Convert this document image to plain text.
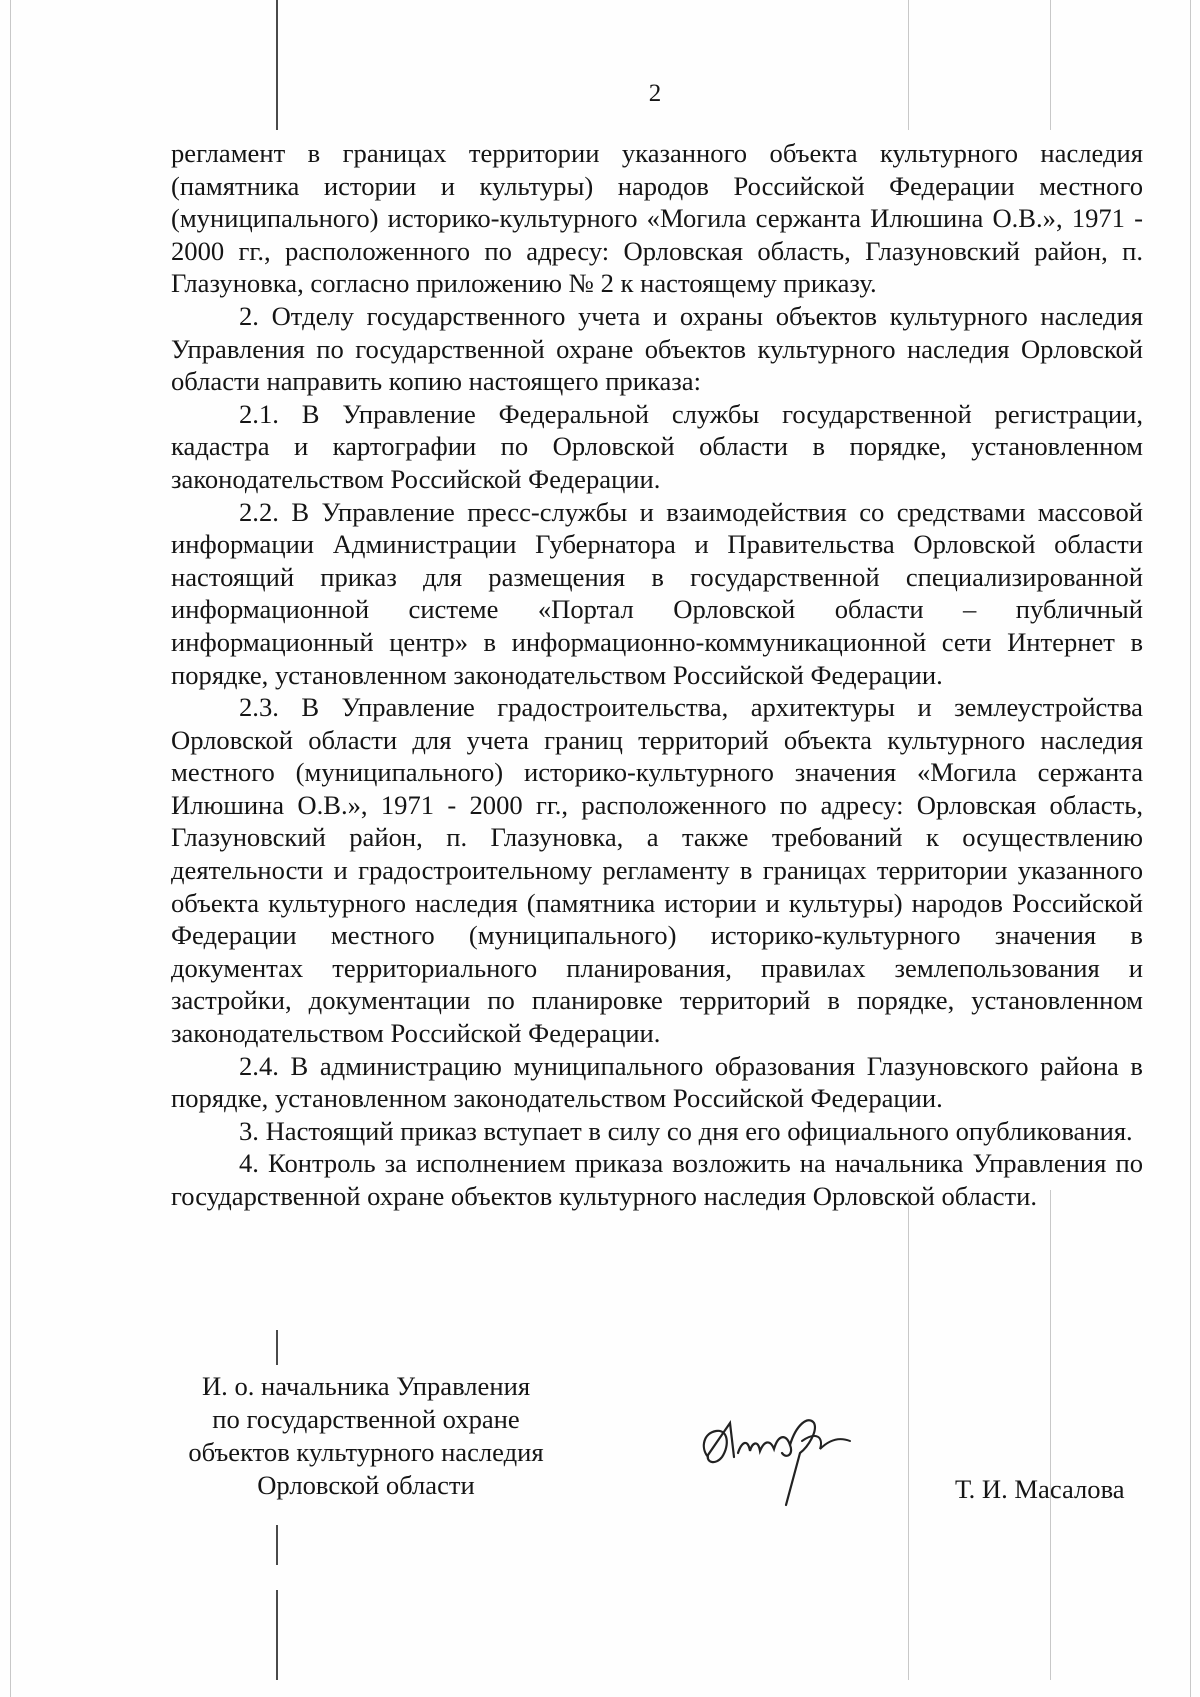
2

регламент в границах территории указанного объекта культурного наследия (памятника истории и культуры) народов Российской Федерации местного (муниципального) историко-культурного «Могила сержанта Илюшина О.В.», 1971 - 2000 гг., расположенного по адресу: Орловская область, Глазуновский район, п. Глазуновка, согласно приложению № 2 к настоящему приказу.

2. Отделу государственного учета и охраны объектов культурного наследия Управления по государственной охране объектов культурного наследия Орловской области направить копию настоящего приказа:

2.1. В Управление Федеральной службы государственной регистрации, кадастра и картографии по Орловской области в порядке, установленном законодательством Российской Федерации.

2.2. В Управление пресс-службы и взаимодействия со средствами массовой информации Администрации Губернатора и Правительства Орловской области настоящий приказ для размещения в государственной специализированной информационной системе «Портал Орловской области – публичный информационный центр» в информационно-коммуникационной сети Интернет в порядке, установленном законодательством Российской Федерации.

2.3. В Управление градостроительства, архитектуры и землеустройства Орловской области для учета границ территорий объекта культурного наследия местного (муниципального) историко-культурного значения «Могила сержанта Илюшина О.В.», 1971 - 2000 гг., расположенного по адресу: Орловская область, Глазуновский район, п. Глазуновка, а также требований к осуществлению деятельности и градостроительному регламенту в границах территории указанного объекта культурного наследия (памятника истории и культуры) народов Российской Федерации местного (муниципального) историко-культурного значения в документах территориального планирования, правилах землепользования и застройки, документации по планировке территорий в порядке, установленном законодательством Российской Федерации.

2.4. В администрацию муниципального образования Глазуновского района в порядке, установленном законодательством Российской Федерации.

3. Настоящий приказ вступает в силу со дня его официального опубликования.

4. Контроль за исполнением приказа возложить на начальника Управления по государственной охране объектов культурного наследия Орловской области.

И. о. начальника Управления
по государственной охране
объектов культурного наследия
Орловской области	Т. И. Масалова
